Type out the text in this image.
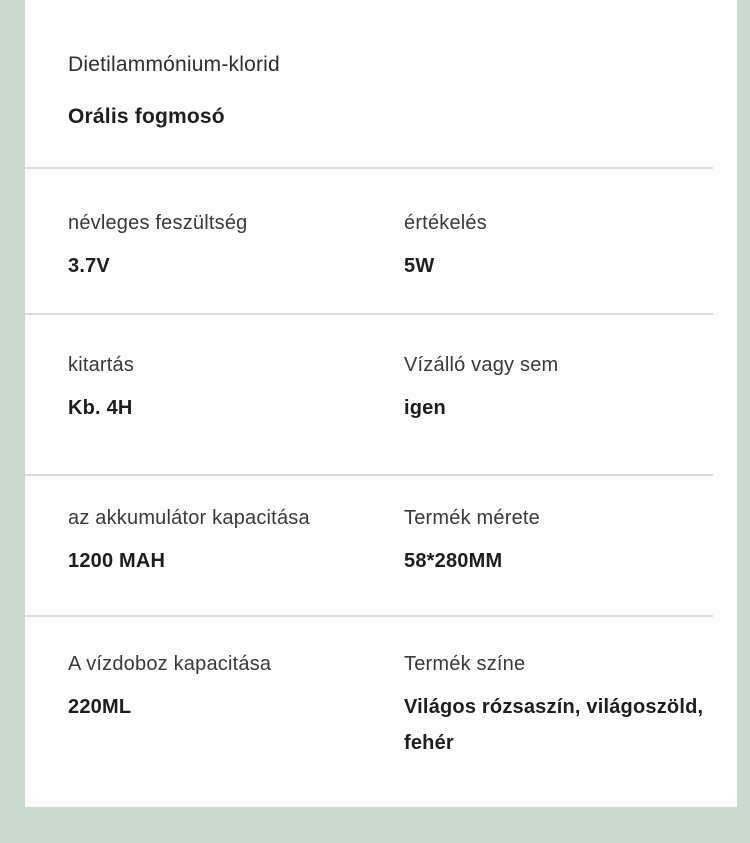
Dietilammónium-klorid
Orális fogmosó
névleges feszültség
3.7V
értékelés
5W
kitartás
Kb. 4H
Vízálló vagy sem
igen
az akkumulátor kapacitása
1200 MAH
Termék mérete
58*280MM
A vízdoboz kapacitása
220ML
Termék színe
Világos rózsaszín, világoszöld, fehér
